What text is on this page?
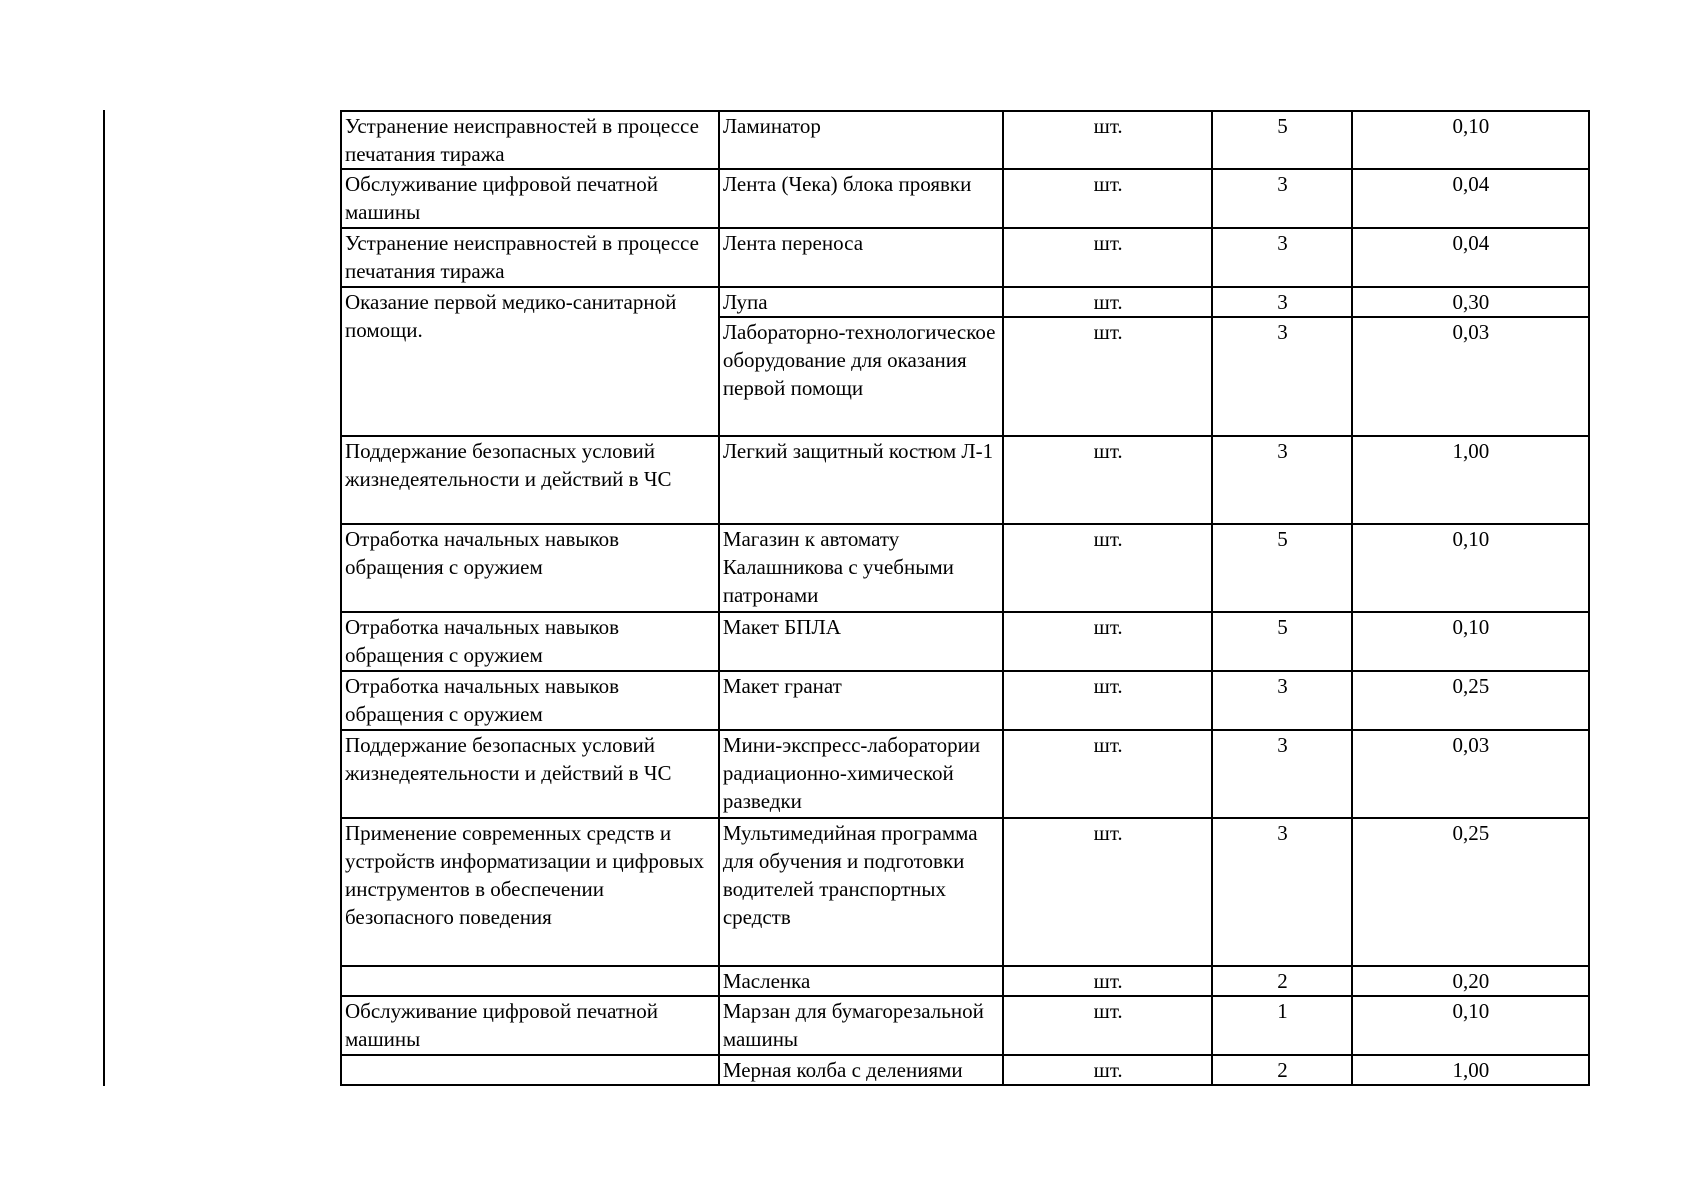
Устранение неисправностей в процессе печатания тиража	Ламинатор	шт.	5	0,10
Обслуживание цифровой печатной машины	Лента (Чека) блока проявки	шт.	3	0,04
Устранение неисправностей в процессе печатания тиража	Лента переноса	шт.	3	0,04
Оказание первой медико-санитарной помощи.	Лупа	шт.	3	0,30
	Лабораторно-технологическое оборудование для оказания первой помощи	шт.	3	0,03
Поддержание безопасных условий жизнедеятельности и действий в ЧС	Легкий защитный костюм Л-1	шт.	3	1,00
Отработка начальных навыков обращения с оружием	Магазин к автомату Калашникова с учебными патронами	шт.	5	0,10
Отработка начальных навыков обращения с оружием	Макет БПЛА	шт.	5	0,10
Отработка начальных навыков обращения с оружием	Макет гранат	шт.	3	0,25
Поддержание безопасных условий жизнедеятельности и действий в ЧС	Мини-экспресс-лаборатории радиационно-химической разведки	шт.	3	0,03
Применение современных средств и устройств информатизации и цифровых инструментов в обеспечении безопасного поведения	Мультимедийная программа для обучения и подготовки водителей транспортных средств	шт.	3	0,25
	Масленка	шт.	2	0,20
Обслуживание цифровой печатной машины	Марзан для бумагорезальной машины	шт.	1	0,10
	Мерная колба с делениями	шт.	2	1,00
